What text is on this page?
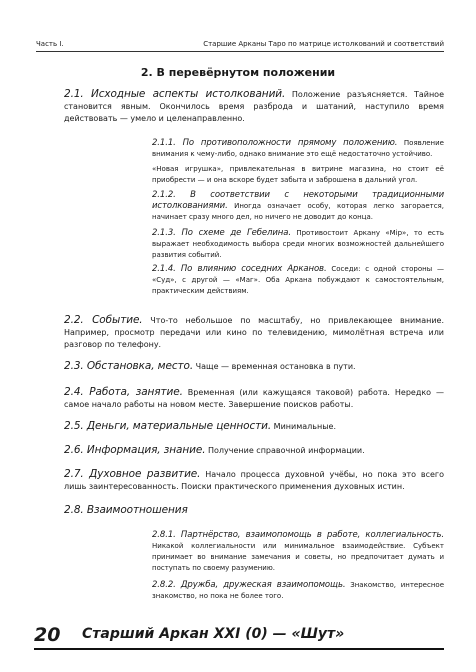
Часть I.	Старшие Арканы Таро по матрице истолкований и соответствий
2. В перевёрнутом положении
2.1. Исходные аспекты истолкований. Положение разъясняется. Тайное становится явным. Окончилось время разброда и шатаний, наступило время действовать — умело и целенаправленно.
2.1.1. По противоположности прямому положению. Появление внимания к чему-либо, однако внимание это ещё недостаточно устойчиво.
«Новая игрушка», привлекательная в витрине магазина, но стоит её приобрести — и она вскоре будет забыта и заброшена в дальний угол.
2.1.2. В соответствии с некоторыми традиционными истолкованиями. Иногда означает особу, которая легко загорается, начинает сразу много дел, но ничего не доводит до конца.
2.1.3. По схеме де Гебелина. Противостоит Аркану «Мiр», то есть выражает необходимость выбора среди многих возможностей дальнейшего развития событий.
2.1.4. По влиянию соседних Арканов. Соседи: с одной стороны — «Суд», с другой — «Маг». Оба Аркана побуждают к самостоятельным, практическим действиям.
2.2. Событие. Что-то небольшое по масштабу, но привлекающее внимание. Например, просмотр передачи или кино по телевидению, мимолётная встреча или разговор по телефону.
2.3. Обстановка, место. Чаще — временная остановка в пути.
2.4. Работа, занятие. Временная (или кажущаяся таковой) работа. Нередко — самое начало работы на новом месте. Завершение поисков работы.
2.5. Деньги, материальные ценности. Минимальные.
2.6. Информация, знание. Получение справочной информации.
2.7. Духовное развитие. Начало процесса духовной учёбы, но пока это всего лишь заинтересованность. Поиски практического применения духовных истин.
2.8. Взаимоотношения
2.8.1. Партнёрство, взаимопомощь в работе, коллегиальность. Никакой коллегиальности или минимальное взаимодействие. Субъект принимает во внимание замечания и советы, но предпочитает думать и поступать по своему разумению.
2.8.2. Дружба, дружеская взаимопомощь. Знакомство, интересное знакомство, но пока не более того.
20 Старший Аркан XXI (0) — «Шут»
